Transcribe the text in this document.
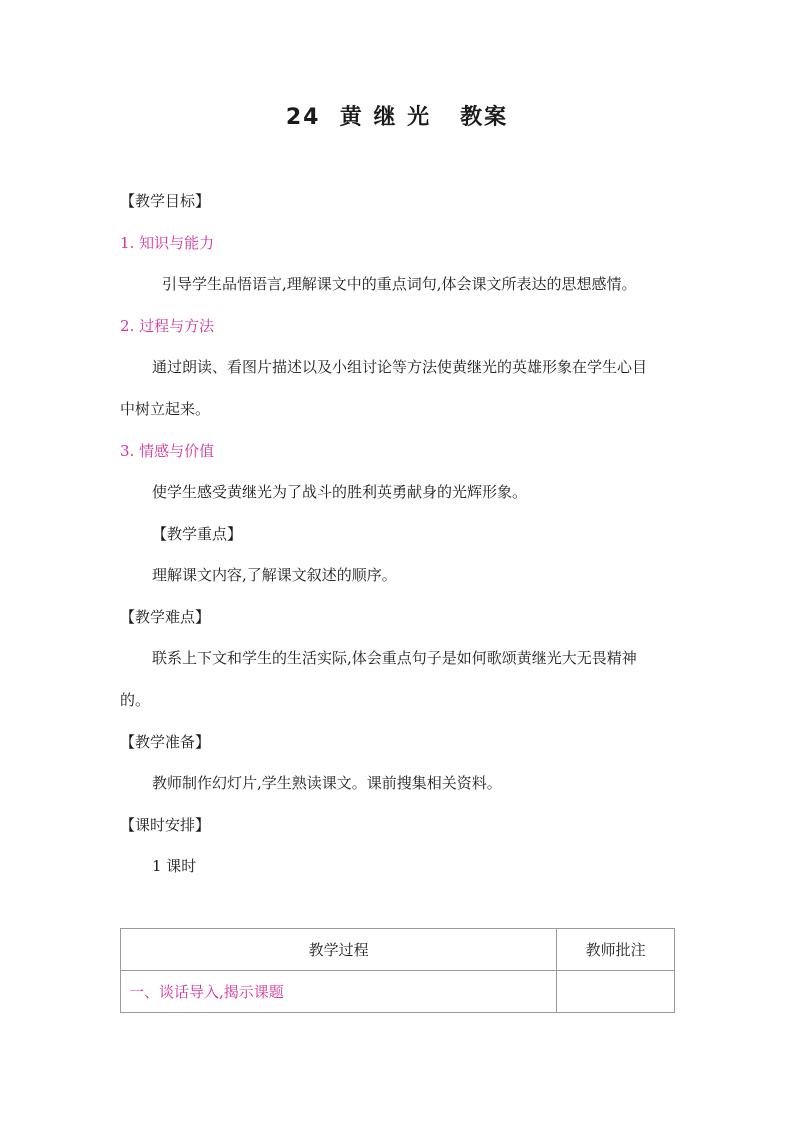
24  黄 继 光   教案
【教学目标】
1. 知识与能力
引导学生品悟语言,理解课文中的重点词句,体会课文所表达的思想感情。
2. 过程与方法
通过朗读、看图片描述以及小组讨论等方法使黄继光的英雄形象在学生心目
中树立起来。
3. 情感与价值
使学生感受黄继光为了战斗的胜利英勇献身的光辉形象。
【教学重点】
理解课文内容,了解课文叙述的顺序。
【教学难点】
联系上下文和学生的生活实际,体会重点句子是如何歌颂黄继光大无畏精神
的。
【教学准备】
教师制作幻灯片,学生熟读课文。课前搜集相关资料。
【课时安排】
1 课时
教学过程	教师批注
一、谈话导入,揭示课题	
